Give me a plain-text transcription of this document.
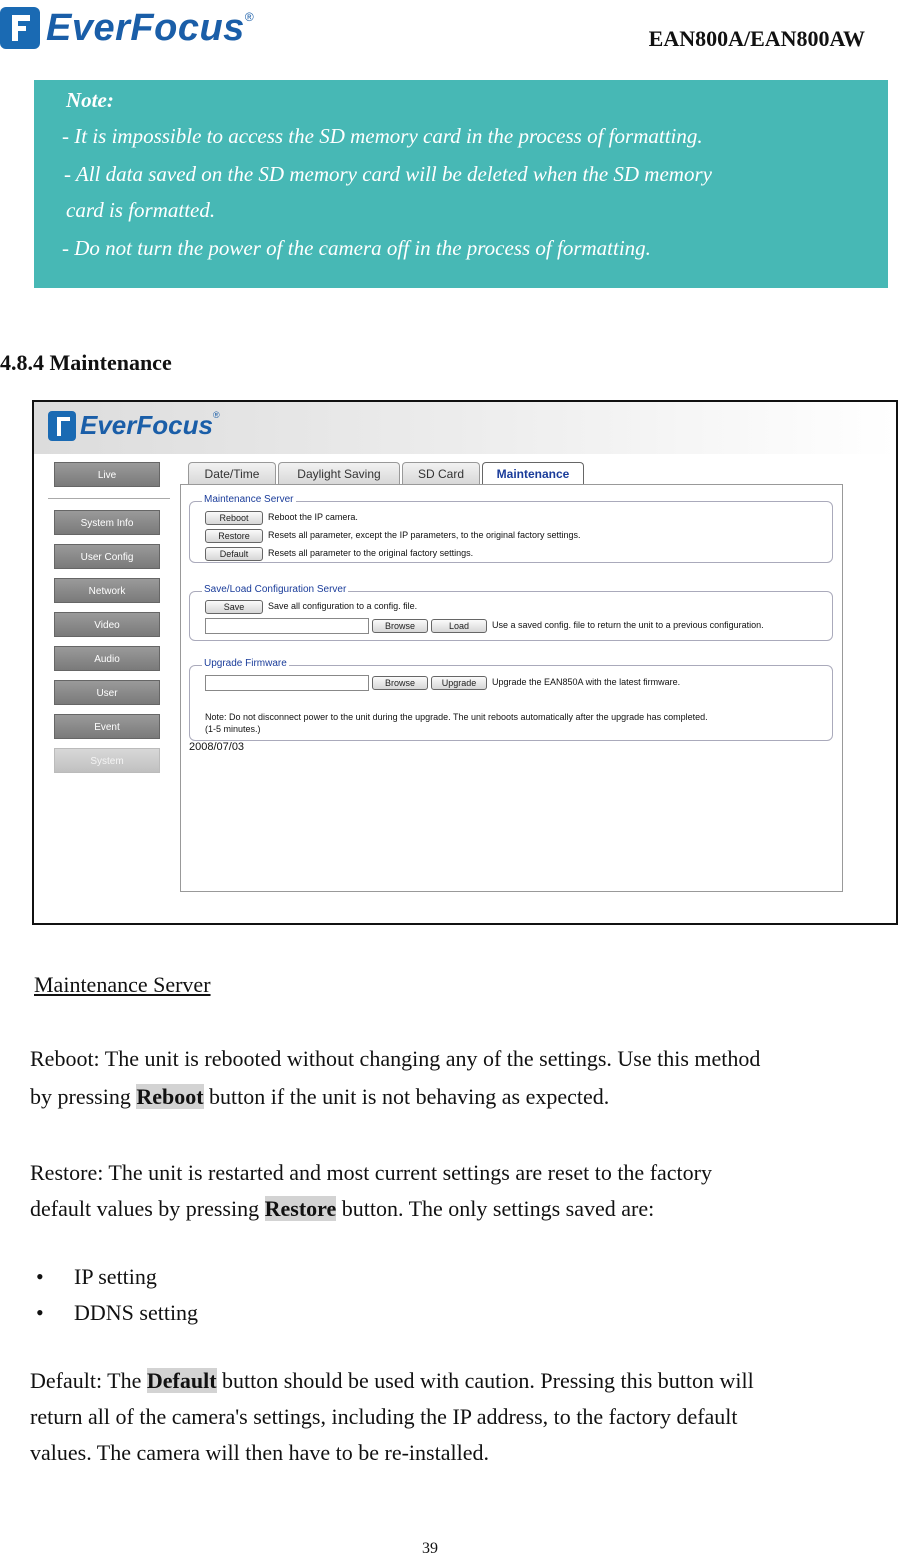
EverFocus ®
EAN800A/EAN800AW
Note:
- It is impossible to access the SD memory card in the process of formatting.
- All data saved on the SD memory card will be deleted when the SD memory
card is formatted.
- Do not turn the power of the camera off in the process of formatting.
4.8.4 Maintenance
EverFocus ®
Live
System Info
User Config
Network
Video
Audio
User
Event
System
Date/Time	Daylight Saving	SD Card	Maintenance
Maintenance Server
Reboot	Reboot the IP camera.
Restore	Resets all parameter, except the IP parameters, to the original factory settings.
Default	Resets all parameter to the original factory settings.
Save/Load Configuration Server
Save	Save all configuration to a config. file.
Browse	Load	Use a saved config. file to return the unit to a previous configuration.
Upgrade Firmware
Browse	Upgrade	Upgrade the EAN850A with the latest firmware.
Note: Do not disconnect power to the unit during the upgrade. The unit reboots automatically after the upgrade has completed.
(1-5 minutes.)
2008/07/03
Maintenance Server
Reboot: The unit is rebooted without changing any of the settings. Use this method
by pressing Reboot button if the unit is not behaving as expected.
Restore: The unit is restarted and most current settings are reset to the factory
default values by pressing Restore button. The only settings saved are:
• IP setting
• DDNS setting
Default: The Default button should be used with caution. Pressing this button will
return all of the camera's settings, including the IP address, to the factory default
values. The camera will then have to be re-installed.
39
